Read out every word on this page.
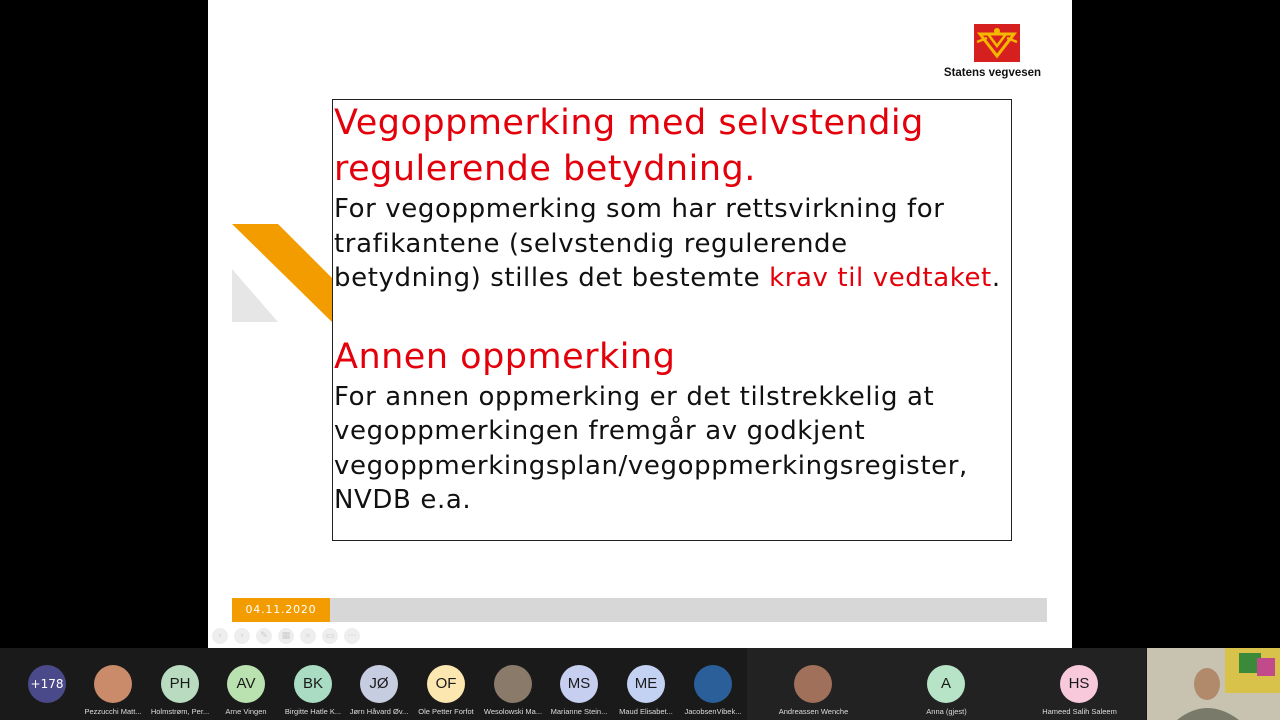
Statens vegvesen
Vegoppmerking med selvstendig
regulerende betydning.
For vegoppmerking som har rettsvirkning for
trafikantene (selvstendig regulerende
betydning) stilles det bestemte krav til vedtaket.
Annen oppmerking
For annen oppmerking er det tilstrekkelig at
vegoppmerkingen fremgår av godkjent
vegoppmerkingsplan/vegoppmerkingsregister,
NVDB e.a.
04.11.2020
‹	›	✎	▦	⌕	▭	⋯
Pezzucchi Matt...
PH
Holmstrøm, Per...
AV
Arne Vingen
BK
Birgitte Hatle K...
JØ
Jørn Håvard Øv...
OF
Ole Petter Forfot	Wesolowski Ma...
MS
Marianne Stein...
ME
Maud Elisabet...	JacobsenVibek...	Andreassen Wenche
A
Anna (gjest)
HS
Hameed Salih Saleem
+178
